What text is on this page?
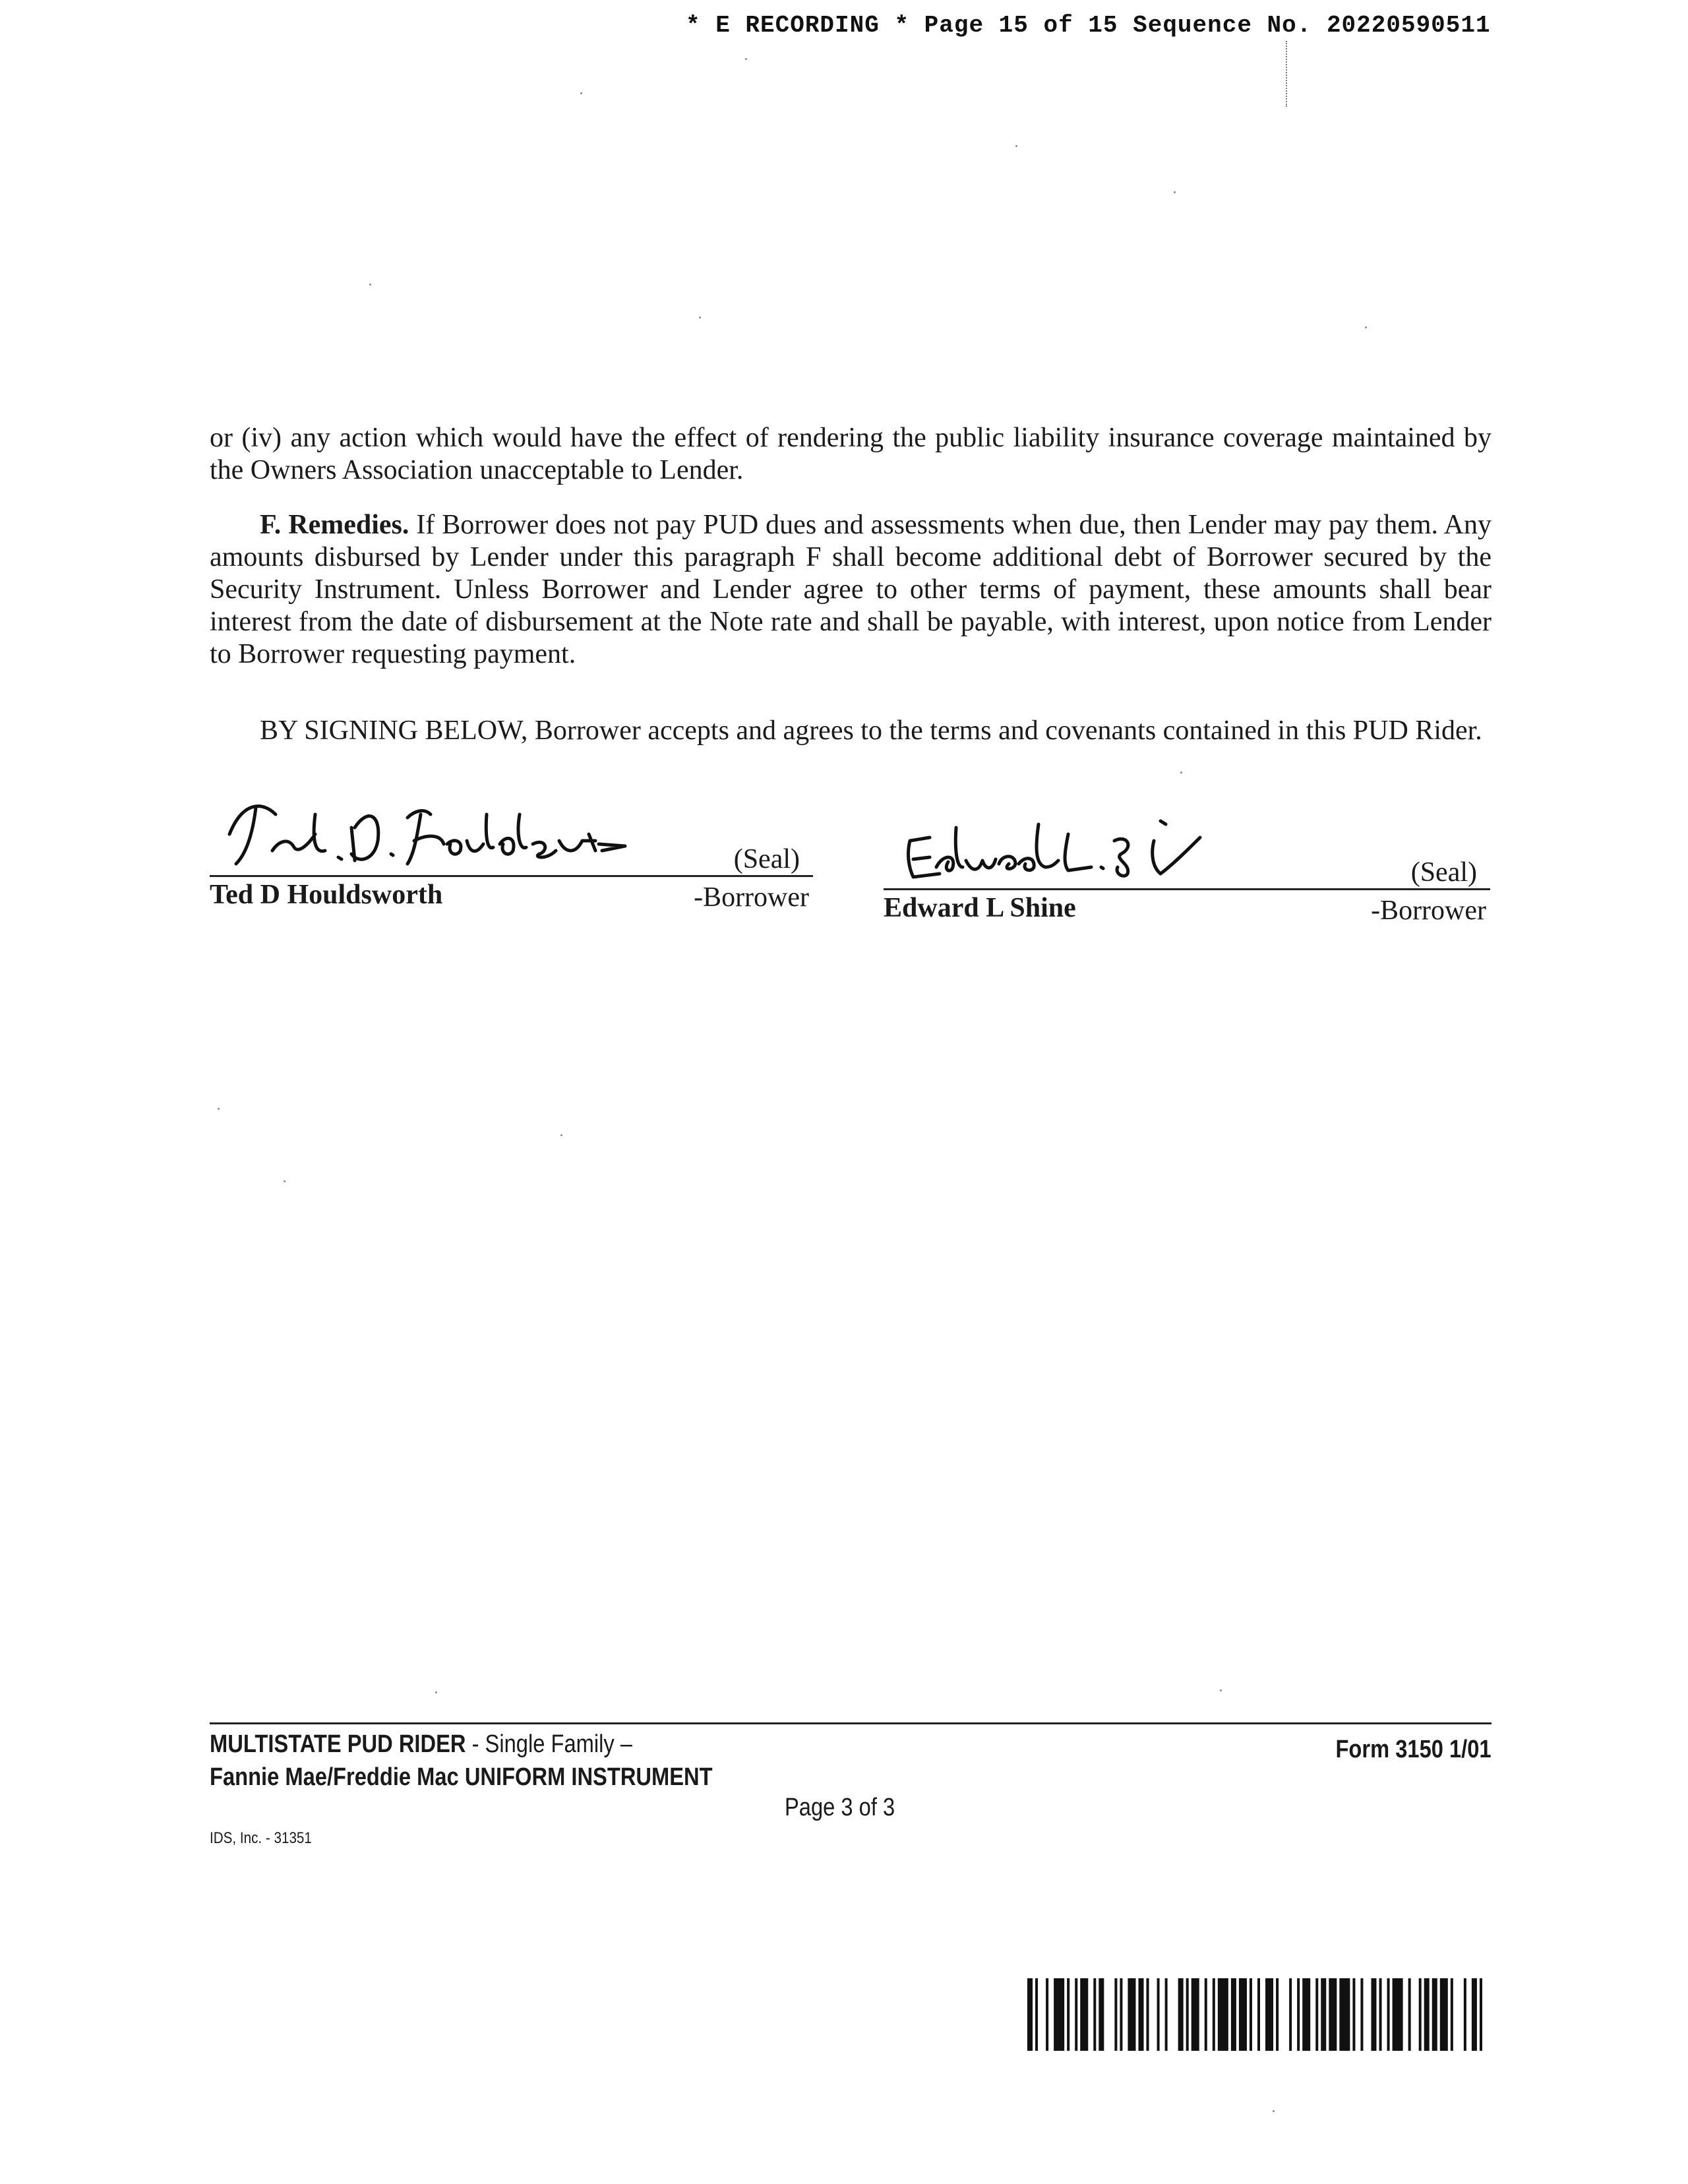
* E RECORDING * Page 15 of 15 Sequence No. 20220590511
or (iv) any action which would have the effect of rendering the public liability insurance coverage maintained by the Owners Association unacceptable to Lender.
F. Remedies. If Borrower does not pay PUD dues and assessments when due, then Lender may pay them. Any amounts disbursed by Lender under this paragraph F shall become additional debt of Borrower secured by the Security Instrument. Unless Borrower and Lender agree to other terms of payment, these amounts shall bear interest from the date of disbursement at the Note rate and shall be payable, with interest, upon notice from Lender to Borrower requesting payment.
BY SIGNING BELOW, Borrower accepts and agrees to the terms and covenants contained in this PUD Rider.
(Seal)
Ted D Houldsworth	-Borrower
(Seal)
Edward L Shine	-Borrower
MULTISTATE PUD RIDER - Single Family –
Fannie Mae/Freddie Mac UNIFORM INSTRUMENT
Form 3150 1/01
Page 3 of 3
IDS, Inc. - 31351
